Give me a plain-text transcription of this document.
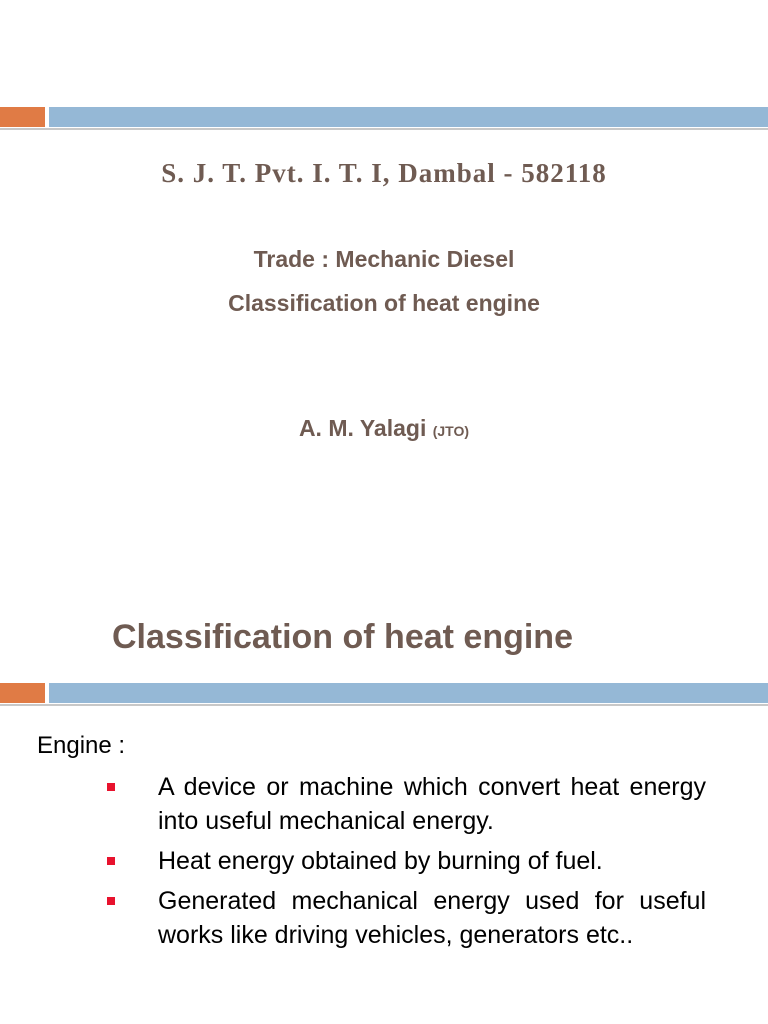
A M
S. J. T. Pvt. I. T. I, Dambal - 582118
Trade : Mechanic Diesel
Classification of heat engine
A. M. Yalagi (JTO)
Classification of heat engine
A M
Engine :
A device or machine which convert heat energy into useful mechanical energy.
Heat energy obtained by burning of fuel.
Generated mechanical energy used for useful works like driving vehicles, generators etc..
